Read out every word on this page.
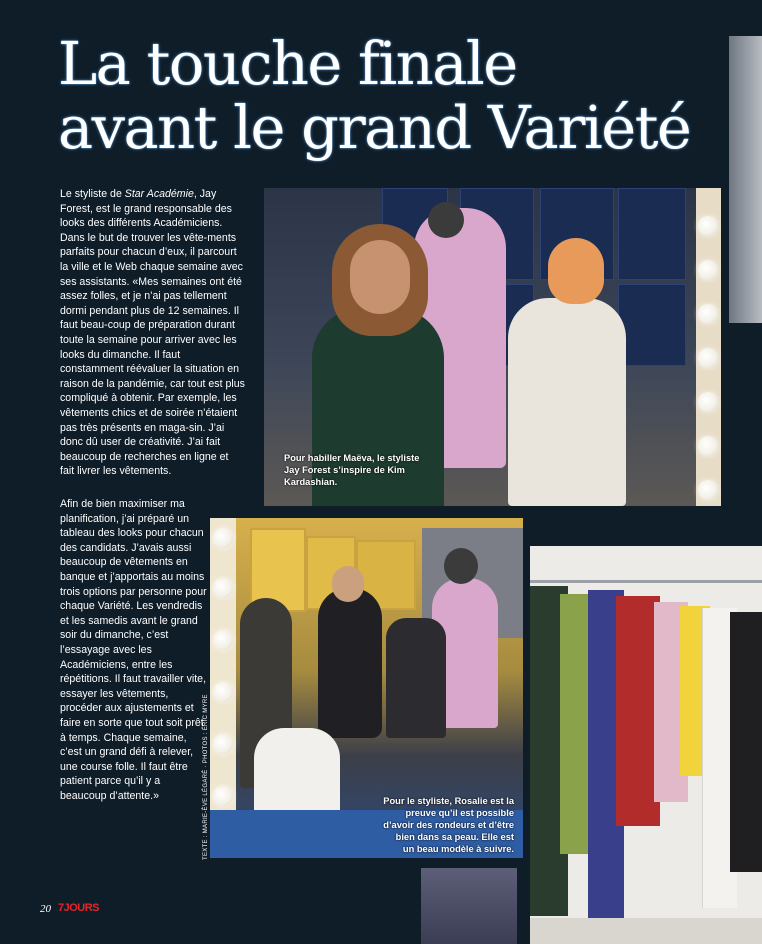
La touche finale
avant le grand Variété

Le styliste de Star Académie, Jay Forest, est le grand responsable des looks des différents Académiciens. Dans le but de trouver les vête-ments parfaits pour chacun d’eux, il parcourt la ville et le Web chaque semaine avec ses assistants. «Mes semaines ont été assez folles, et je n’ai pas tellement dormi pendant plus de 12 semaines. Il faut beau-coup de préparation durant toute la semaine pour arriver avec les looks du dimanche. Il faut constamment réévaluer la situation en raison de la pandémie, car tout est plus compliqué à obtenir. Par exemple, les vêtements chics et de soirée n’étaient pas très présents en maga-sin. J’ai donc dû user de créativité. J’ai fait beaucoup de recherches en ligne et fait livrer les vêtements.

Afin de bien maximiser ma planification, j’ai préparé un tableau des looks pour chacun des candidats. J’avais aussi beaucoup de vêtements en banque et j’apportais au moins trois options par personne pour chaque Variété. Les vendredis et les samedis avant le grand soir du dimanche, c’est l’essayage avec les Académiciens, entre les répétitions. Il faut travailler vite, essayer les vêtements, procéder aux ajustements et faire en sorte que tout soit prêt à temps. Chaque semaine, c’est un grand défi à relever, une course folle. Il faut être patient parce qu’il y a beaucoup d’attente.»

Pour habiller Maëva, le styliste Jay Forest s’inspire de Kim Kardashian.

Pour le styliste, Rosalie est la preuve qu’il est possible d’avoir des rondeurs et d’être bien dans sa peau. Elle est un beau modèle à suivre.

TEXTE : MARIE-ÈVE LÉGARÉ · PHOTOS : ÉRIC MYRE
20 7JOURS
